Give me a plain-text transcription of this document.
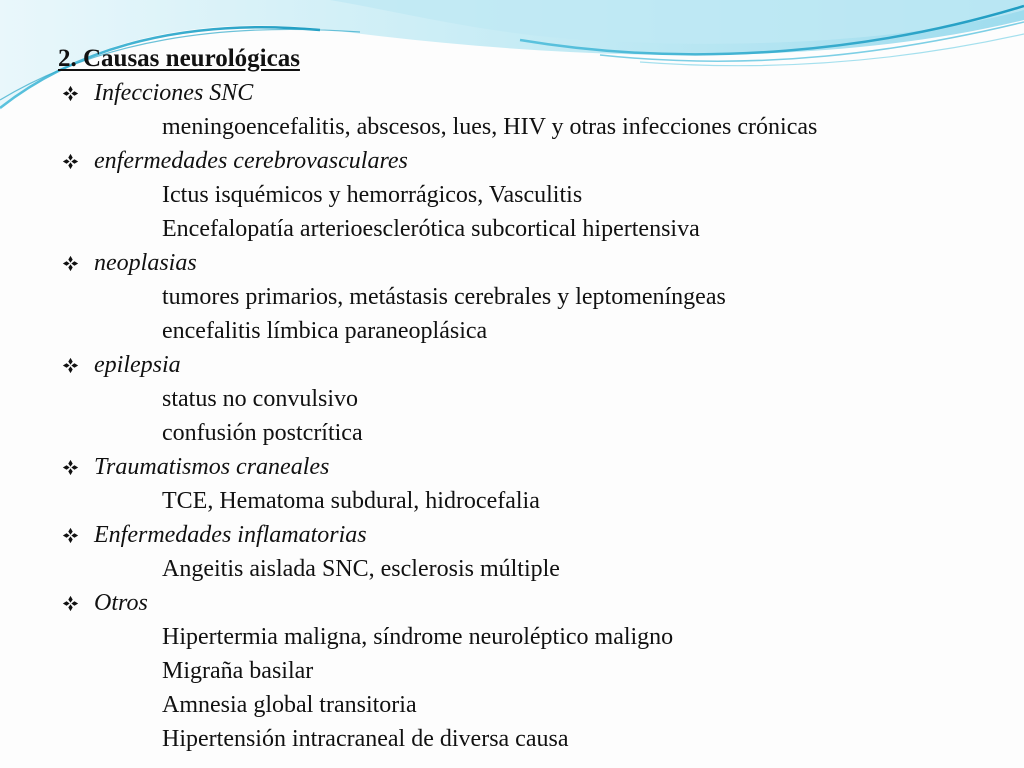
2. Causas neurológicas
Infecciones SNC
meningoencefalitis, abscesos, lues, HIV y otras infecciones crónicas
enfermedades cerebrovasculares
Ictus isquémicos y hemorrágicos, Vasculitis
Encefalopatía arterioesclerótica subcortical hipertensiva
neoplasias
tumores primarios, metástasis cerebrales y leptomeníngeas
encefalitis límbica paraneoplásica
epilepsia
status no convulsivo
confusión postcrítica
Traumatismos craneales
TCE, Hematoma subdural, hidrocefalia
Enfermedades inflamatorias
Angeitis aislada SNC, esclerosis múltiple
Otros
Hipertermia maligna, síndrome neuroléptico maligno
Migraña basilar
Amnesia global transitoria
Hipertensión intracraneal de diversa causa
